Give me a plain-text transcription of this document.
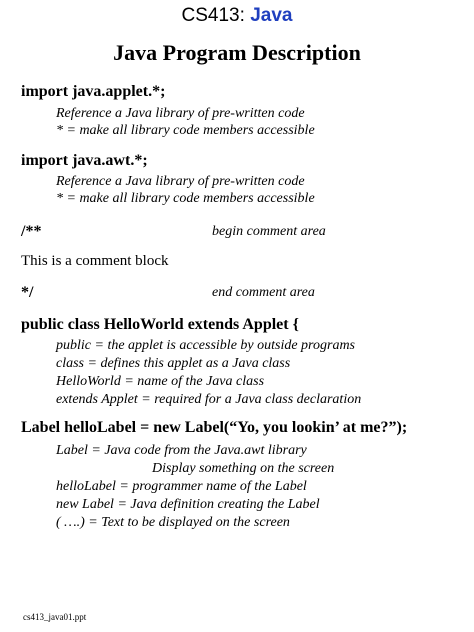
CS413: Java
Java Program Description
import java.applet.*;
Reference a Java library of pre-written code
* = make all library code members accessible
import java.awt.*;
Reference a Java library of pre-written code
* = make all library code members accessible
/**	begin comment area
This is a comment block
*/	end comment area
public class HelloWorld extends Applet {
public = the applet is accessible by outside programs
class = defines this applet as a Java class
HelloWorld = name of the Java class
extends Applet = required for a Java class declaration
Label helloLabel = new Label(“Yo, you lookin’ at me?”);
Label = Java code from the Java.awt library
Display something on the screen
helloLabel = programmer name of the Label
new Label = Java definition creating the Label
( ….) = Text to be displayed on the screen
cs413_java01.ppt
